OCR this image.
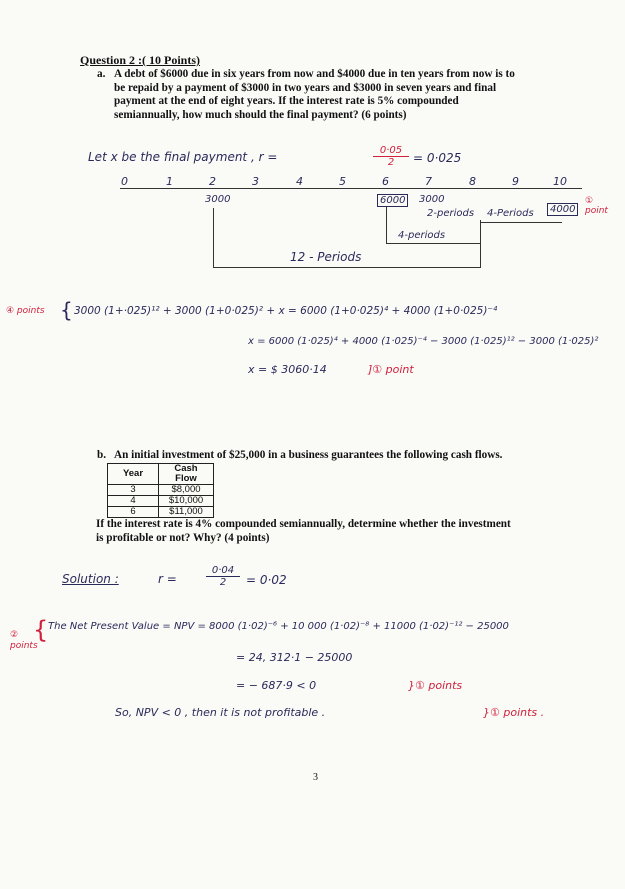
Question 2 :( 10 Points)
a. A debt of $6000 due in six years from now and $4000 due in ten years from now is to
be repaid by a payment of $3000 in two years and $3000 in seven years and final
payment at the end of eight years. If the interest rate is 5% compounded
semiannually, how much should the final payment? (6 points)
Let x be the final payment , r =	$\frac{0\cdot 05}{2} = 0\cdot 025$
0	1	2	3	4	5	6	7	8	9	10
3000	6000	3000
4000
2-periods 4-Periods
4-periods
12 - Periods
① point
④ points { 3000 (1+·025)¹² + 3000 (1+0·025)² + x = 6000 (1+0·025)⁴ + 4000 (1+0·025)⁻⁴
x = 6000 (1·025)⁴ + 4000 (1·025)⁻⁴ − 3000 (1·025)¹² − 3000 (1·025)²
x = $ 3060·14	]① point
b. An initial investment of $25,000 in a business guarantees the following cash flows.
Year	Cash Flow
3	$8,000
4	$10,000
6	$11,000
If the interest rate is 4% compounded semiannually, determine whether the investment
is profitable or not? Why? (4 points)
Solution :	r =	$\frac{0\cdot 04}{2} = 0\cdot 02$
② points
{ The Net Present Value = NPV = 8000 (1·02)⁻⁶ + 10 000 (1·02)⁻⁸ + 11000 (1·02)⁻¹² − 25000
= 24, 312·1 − 25000
= − 687·9 < 0	}① points
So, NPV < 0 , then it is not profitable .	}① points .
3
